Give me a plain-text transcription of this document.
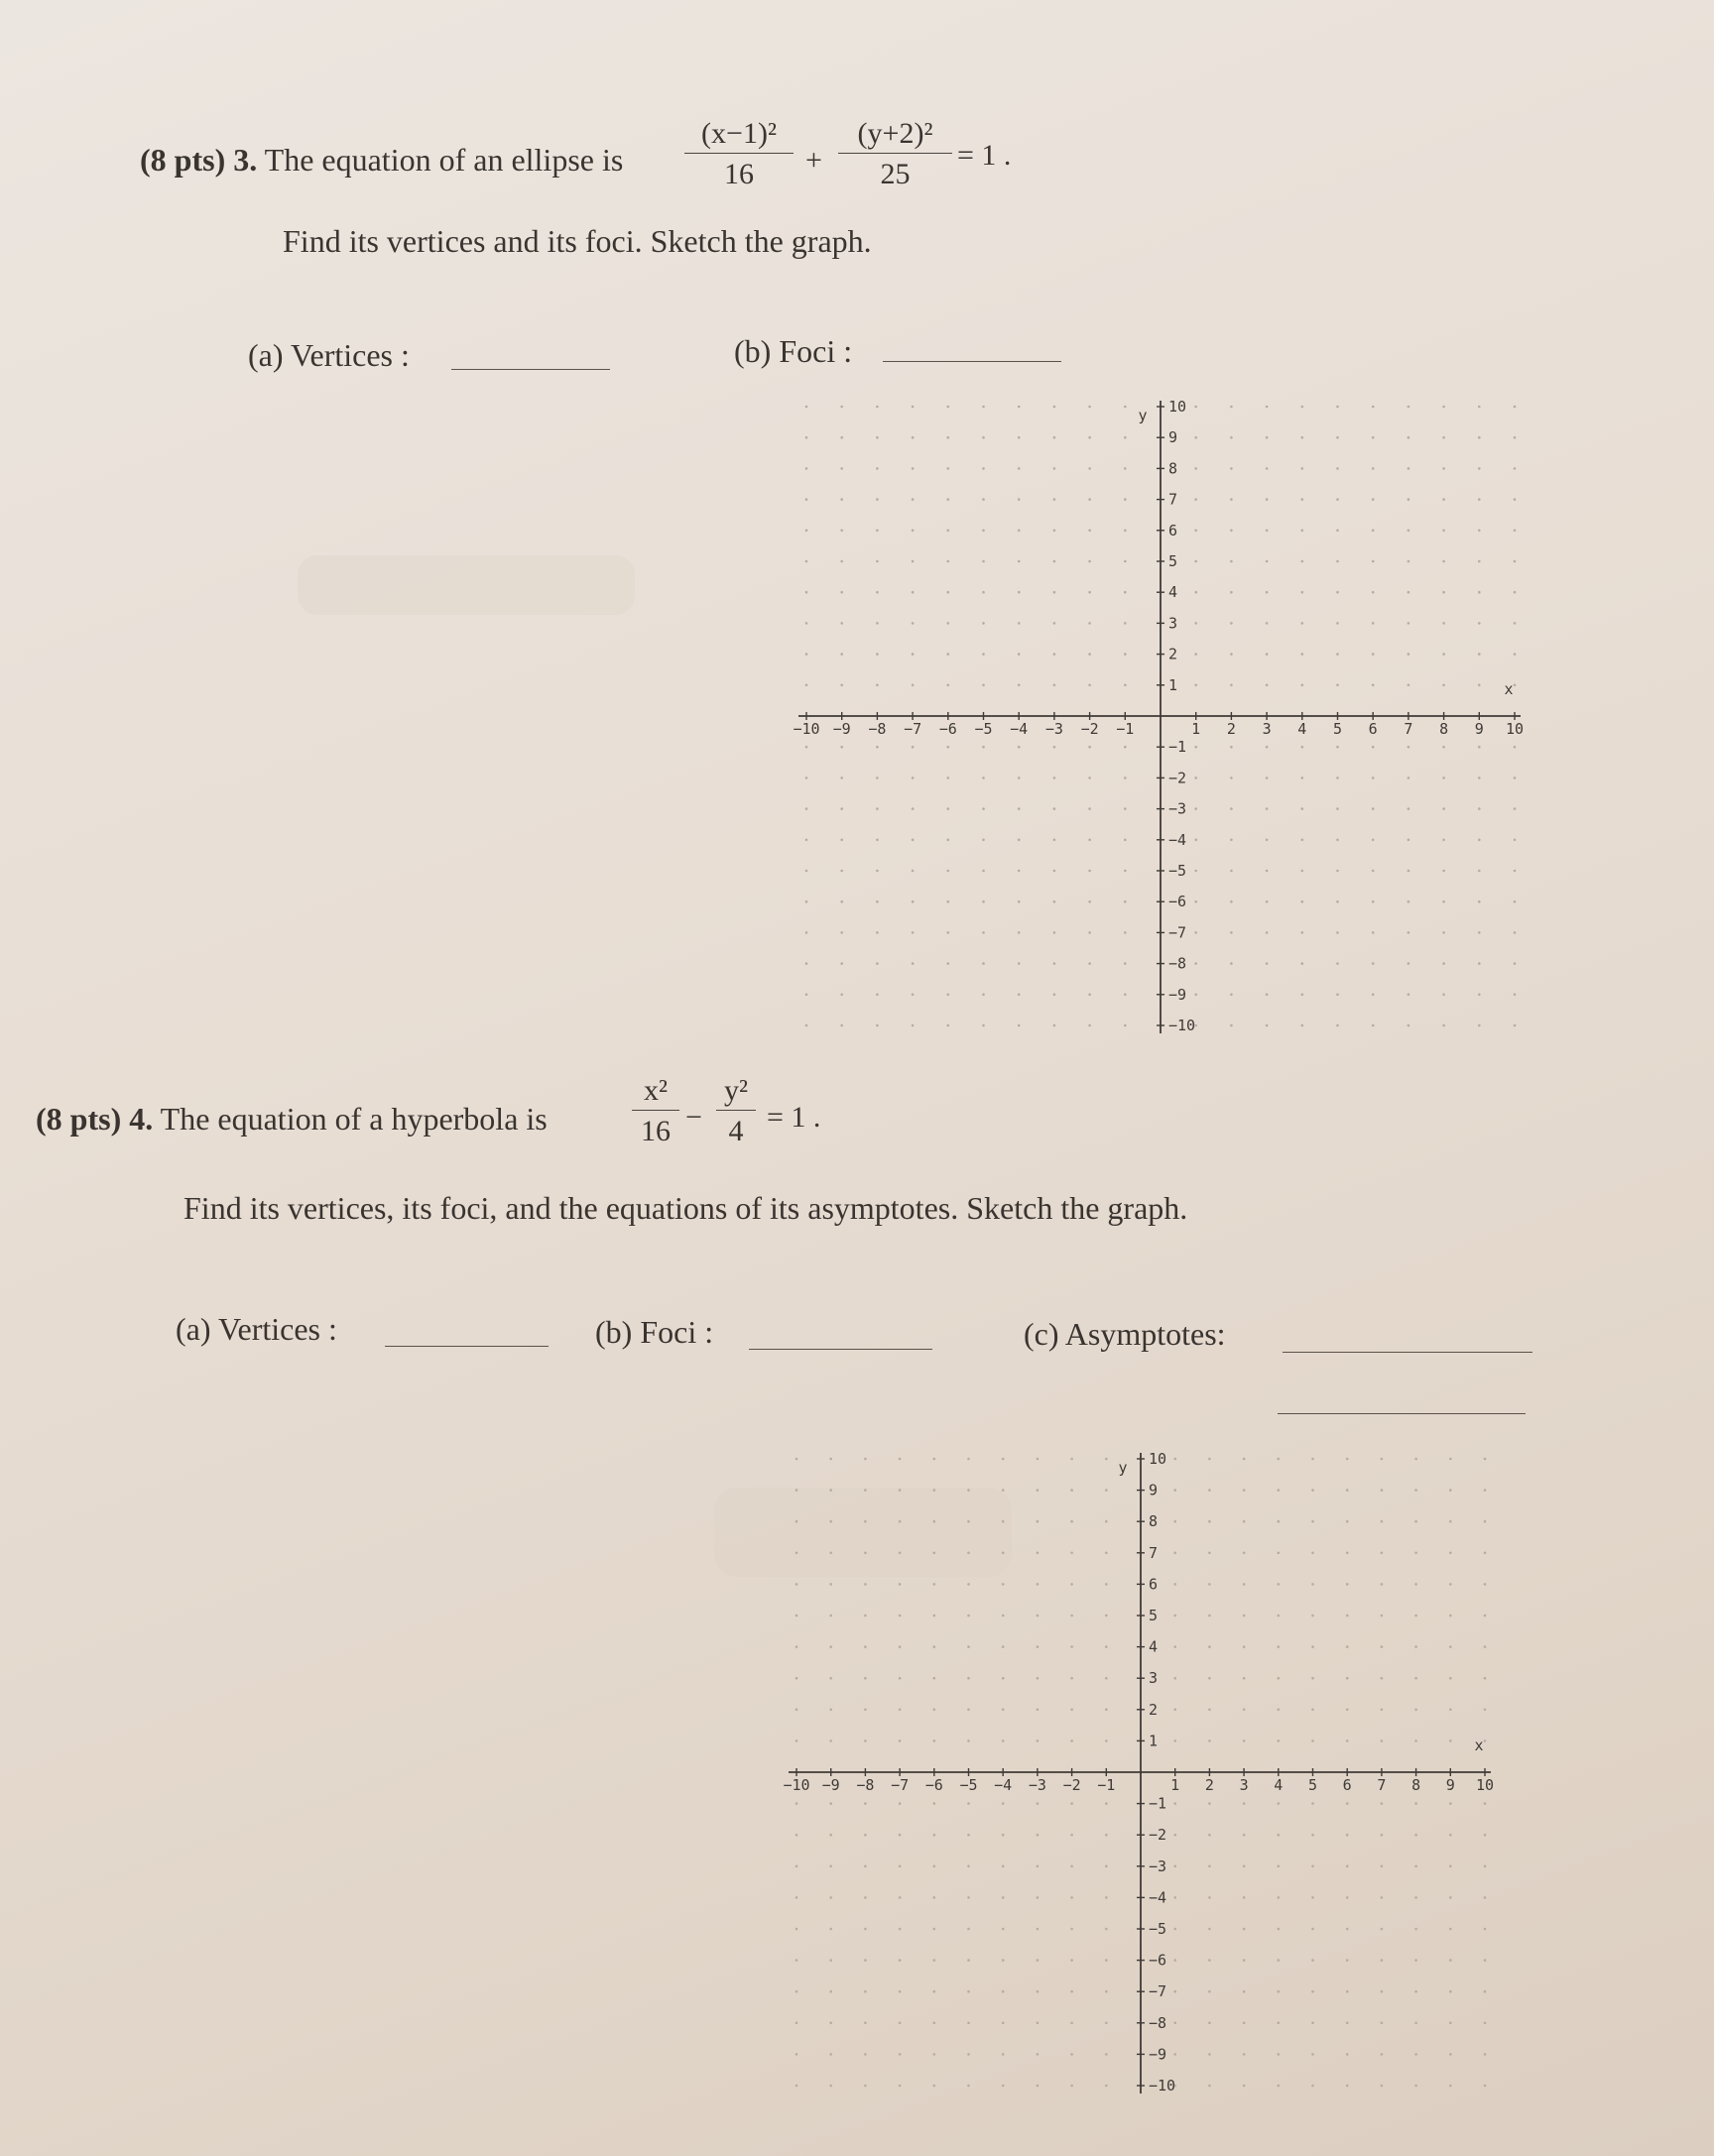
(8 pts) 3. The equation of an ellipse is $\frac{\text{(x−1)²}}{16} + \frac{\text{(y+2)²}}{25} = 1$ .
Find its vertices and its foci. Sketch the graph.
(a) Vertices :	(b) Foci :
−10 −9 −8 −7 −6 −5 −4 −3 −2 −1	1 2 3 4 5 6 7 8 9 10
10
9
8
7
6
5
4
3
2
1
−1
−2
−3
−4
−5
−6
−7
−8
−9
−10
x
y
(8 pts) 4. The equation of a hyperbola is	$\frac{\text{x²}}{16} - \frac{\text{y²}}{4} = 1$ .
Find its vertices, its foci, and the equations of its asymptotes. Sketch the graph.
(a) Vertices :	(b) Foci :	(c) Asymptotes:
−10 −9 −8 −7 −6 −5 −4 −3 −2 −1	1 2 3 4 5 6 7 8 9 10
10
9
8
7
6
5
4
3
2
1
−1
−2
−3
−4
−5
−6
−7
−8
−9
−10
x
y
